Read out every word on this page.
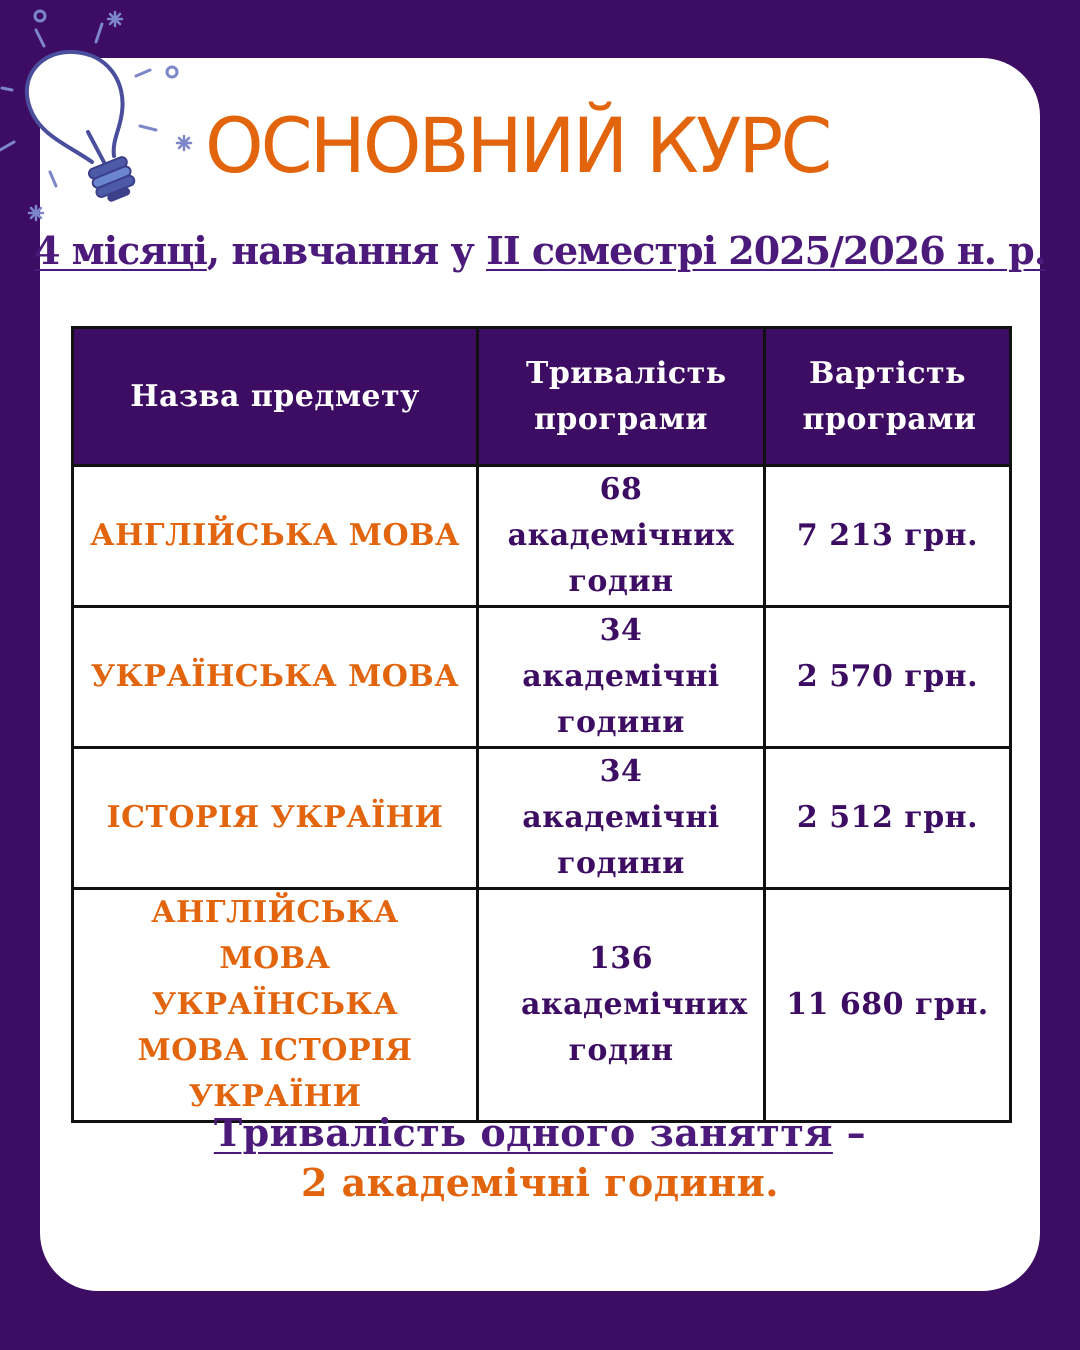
ОСНОВНИЙ КУРС
4 місяці, навчання у ІІ семестрі 2025/2026 н. р.
Назва предмету	Тривалість програми	Вартість програми
АНГЛІЙСЬКА МОВА	68 академічних годин	7 213 грн.
УКРАЇНСЬКА МОВА	34 академічні години	2 570 грн.
ІСТОРІЯ УКРАЇНИ	34 академічні години	2 512 грн.
АНГЛІЙСЬКА МОВА УКРАЇНСЬКА МОВА ІСТОРІЯ УКРАЇНИ	136 академічних годин	11 680 грн.
Тривалість одного заняття –
2 академічні години.
